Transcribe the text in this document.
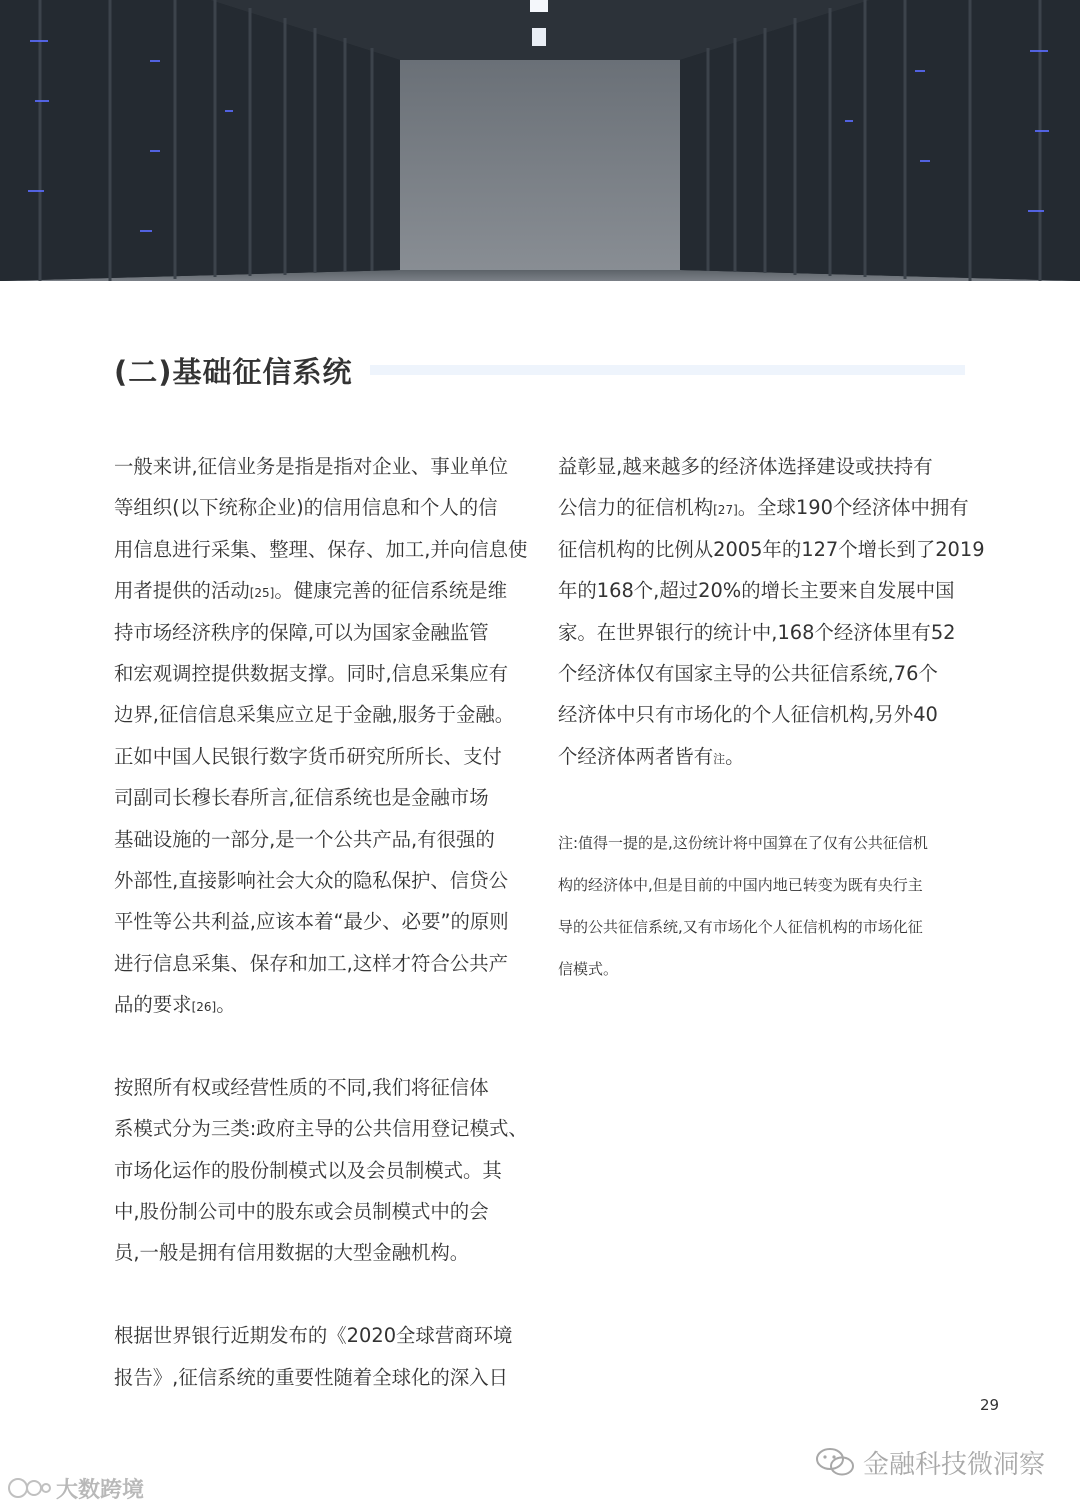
(二)基础征信系统
一般来讲,征信业务是指是指对企业、事业单位
等组织(以下统称企业)的信用信息和个人的信
用信息进行采集、整理、保存、加工,并向信息使
用者提供的活动[25]。健康完善的征信系统是维
持市场经济秩序的保障,可以为国家金融监管
和宏观调控提供数据支撑。同时,信息采集应有
边界,征信信息采集应立足于金融,服务于金融。
正如中国人民银行数字货币研究所所长、支付
司副司长穆长春所言,征信系统也是金融市场
基础设施的一部分,是一个公共产品,有很强的
外部性,直接影响社会大众的隐私保护、信贷公
平性等公共利益,应该本着“最少、必要”的原则
进行信息采集、保存和加工,这样才符合公共产
品的要求[26]。
按照所有权或经营性质的不同,我们将征信体
系模式分为三类:政府主导的公共信用登记模式、
市场化运作的股份制模式以及会员制模式。其
中,股份制公司中的股东或会员制模式中的会
员,一般是拥有信用数据的大型金融机构。
根据世界银行近期发布的《2020全球营商环境
报告》,征信系统的重要性随着全球化的深入日
益彰显,越来越多的经济体选择建设或扶持有
公信力的征信机构[27]。全球190个经济体中拥有
征信机构的比例从2005年的127个增长到了2019
年的168个,超过20%的增长主要来自发展中国
家。在世界银行的统计中,168个经济体里有52
个经济体仅有国家主导的公共征信系统,76个
经济体中只有市场化的个人征信机构,另外40
个经济体两者皆有注。
注:值得一提的是,这份统计将中国算在了仅有公共征信机
构的经济体中,但是目前的中国内地已转变为既有央行主
导的公共征信系统,又有市场化个人征信机构的市场化征
信模式。
29
金融科技微洞察
大数跨境
